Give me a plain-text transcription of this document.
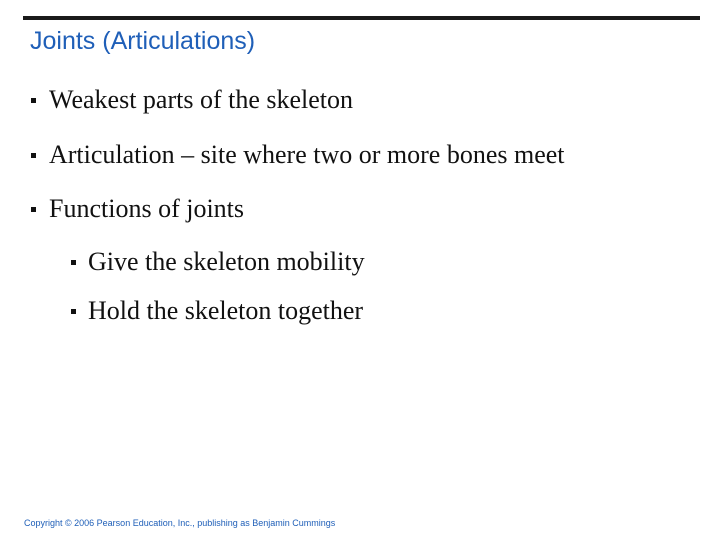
Joints (Articulations)
Weakest parts of the skeleton
Articulation – site where two or more bones meet
Functions of joints
Give the skeleton mobility
Hold the skeleton together
Copyright © 2006 Pearson Education, Inc., publishing as Benjamin Cummings
